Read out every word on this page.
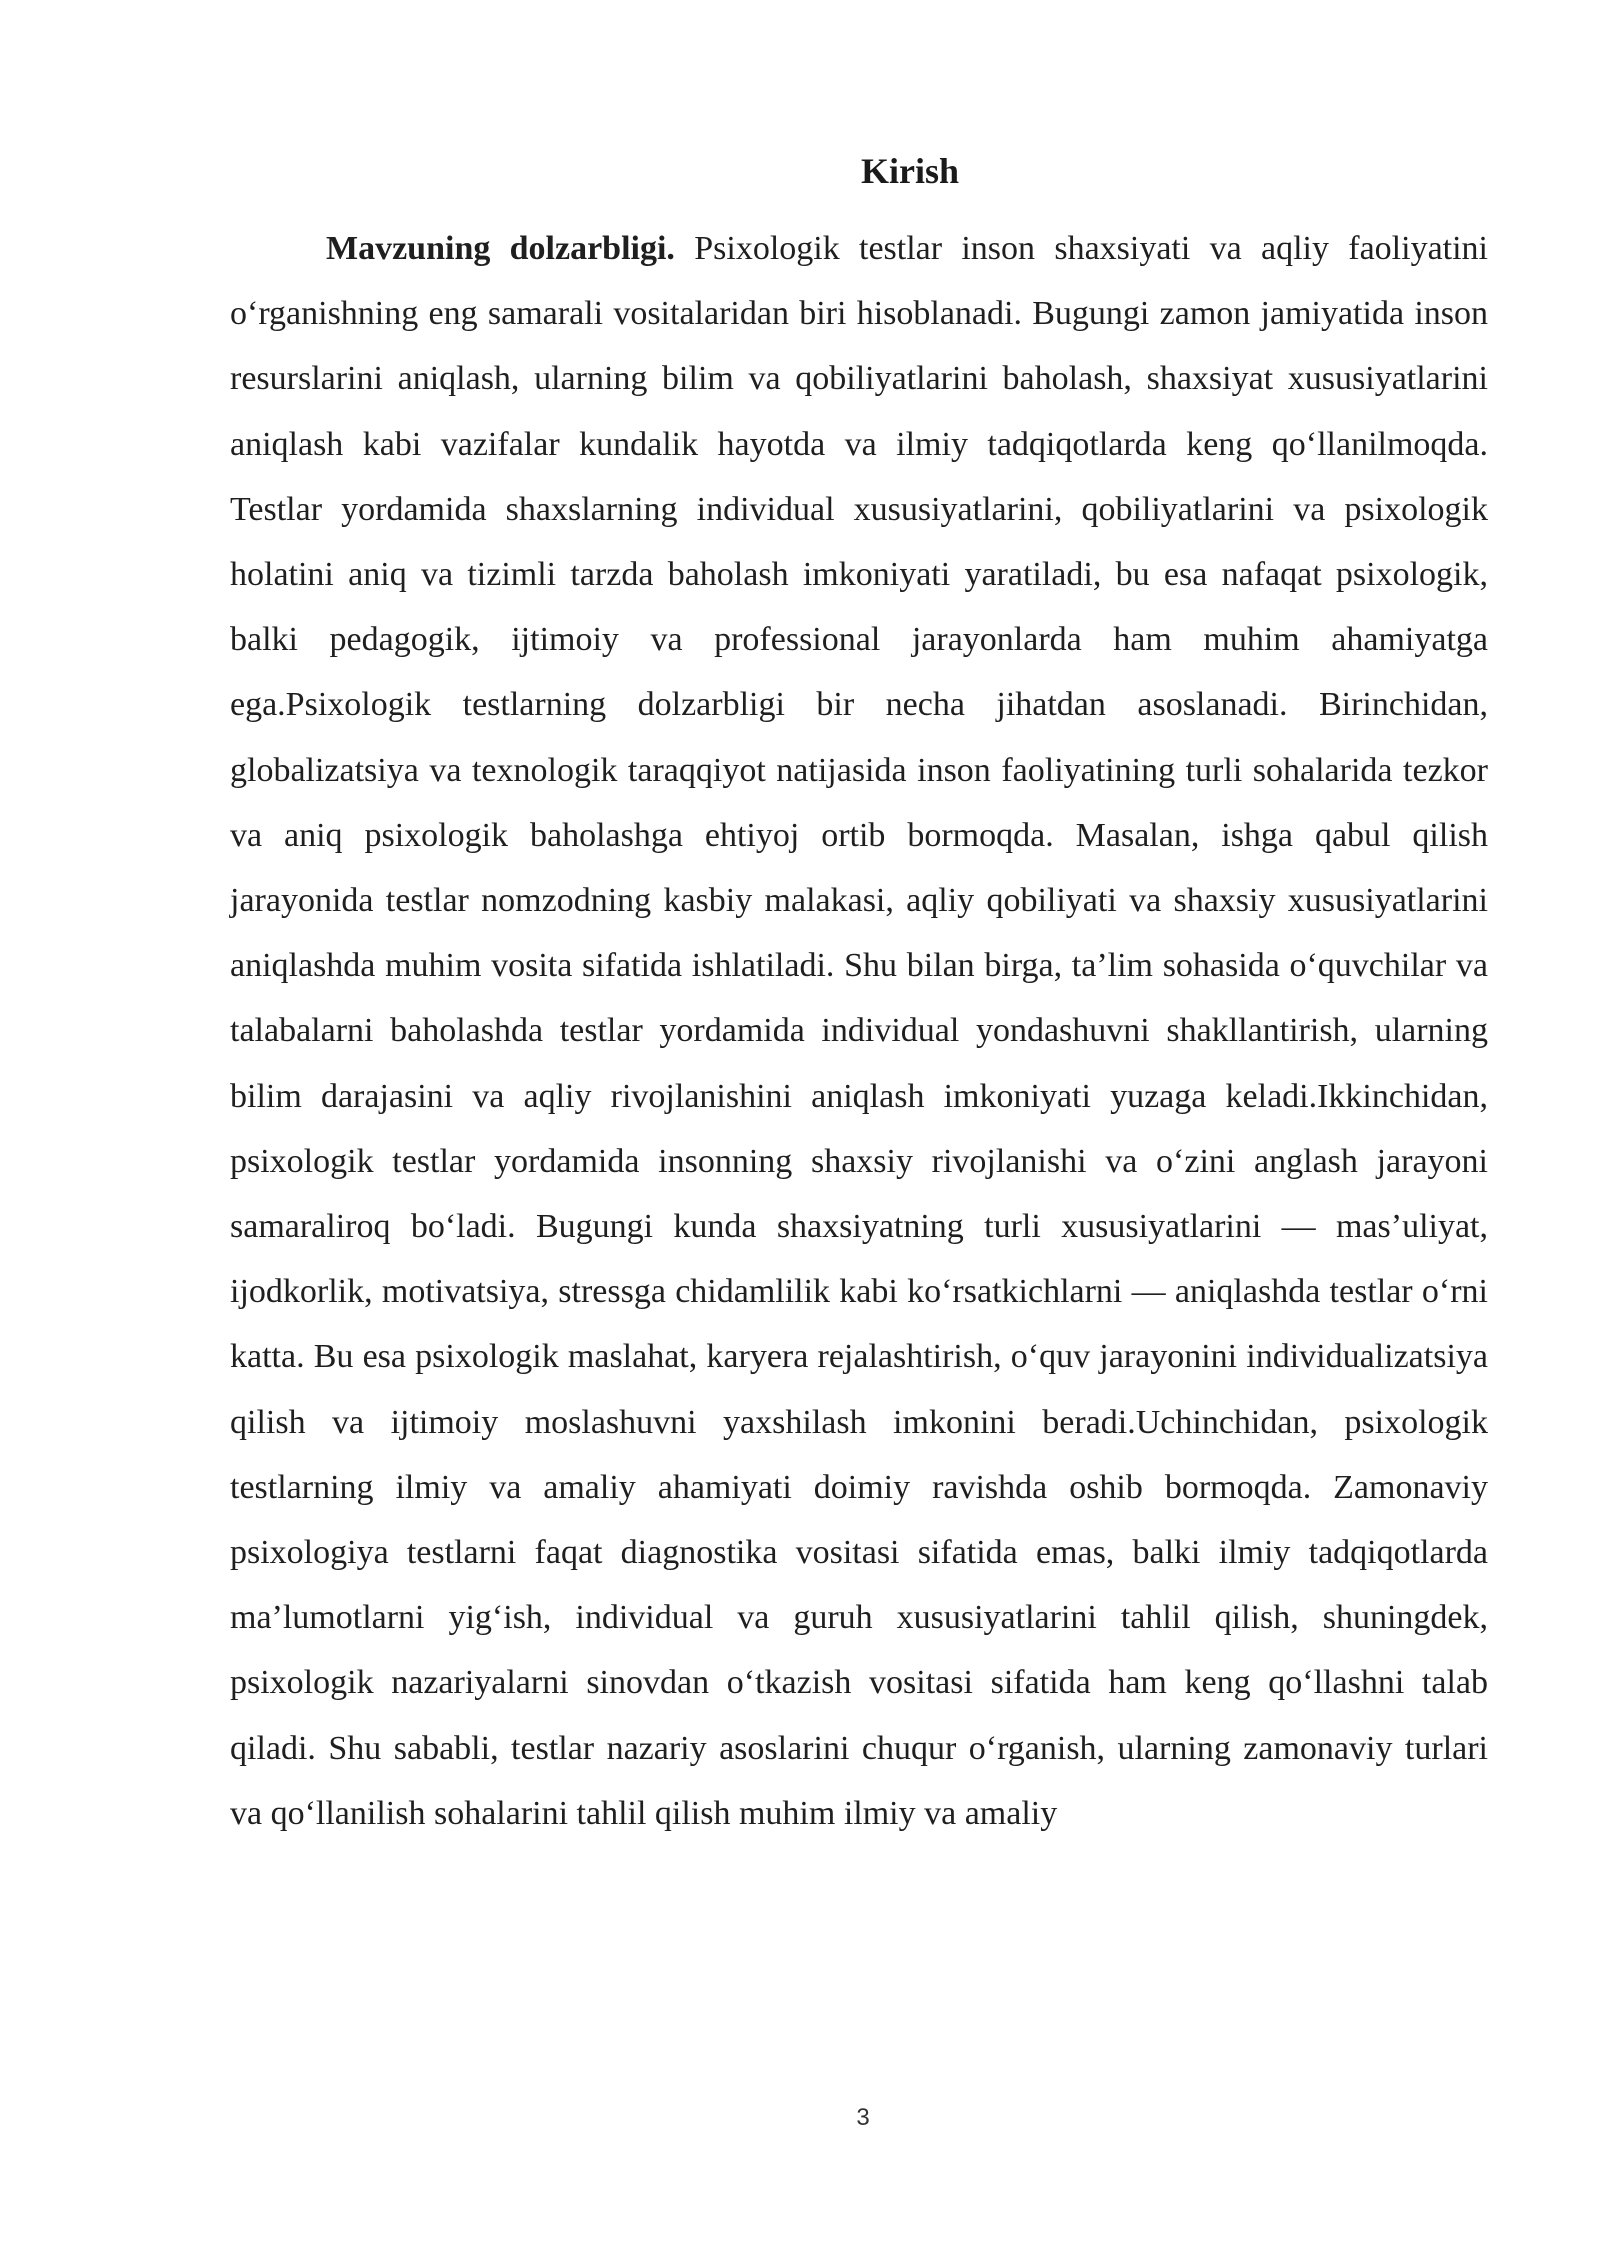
Kirish

Mavzuning dolzarbligi. Psixologik testlar inson shaxsiyati va aqliy faoliyatini o‘rganishning eng samarali vositalaridan biri hisoblanadi. Bugungi zamon jamiyatida inson resurslarini aniqlash, ularning bilim va qobiliyatlarini baholash, shaxsiyat xususiyatlarini aniqlash kabi vazifalar kundalik hayotda va ilmiy tadqiqotlarda keng qo‘llanilmoqda. Testlar yordamida shaxslarning individual xususiyatlarini, qobiliyatlarini va psixologik holatini aniq va tizimli tarzda baholash imkoniyati yaratiladi, bu esa nafaqat psixologik, balki pedagogik, ijtimoiy va professional jarayonlarda ham muhim ahamiyatga ega.Psixologik testlarning dolzarbligi bir necha jihatdan asoslanadi. Birinchidan, globalizatsiya va texnologik taraqqiyot natijasida inson faoliyatining turli sohalarida tezkor va aniq psixologik baholashga ehtiyoj ortib bormoqda. Masalan, ishga qabul qilish jarayonida testlar nomzodning kasbiy malakasi, aqliy qobiliyati va shaxsiy xususiyatlarini aniqlashda muhim vosita sifatida ishlatiladi. Shu bilan birga, ta’lim sohasida o‘quvchilar va talabalarni baholashda testlar yordamida individual yondashuvni shakllantirish, ularning bilim darajasini va aqliy rivojlanishini aniqlash imkoniyati yuzaga keladi.Ikkinchidan, psixologik testlar yordamida insonning shaxsiy rivojlanishi va o‘zini anglash jarayoni samaraliroq bo‘ladi. Bugungi kunda shaxsiyatning turli xususiyatlarini — mas’uliyat, ijodkorlik, motivatsiya, stressga chidamlilik kabi ko‘rsatkichlarni — aniqlashda testlar o‘rni katta. Bu esa psixologik maslahat, karyera rejalashtirish, o‘quv jarayonini individualizatsiya qilish va ijtimoiy moslashuvni yaxshilash imkonini beradi.Uchinchidan, psixologik testlarning ilmiy va amaliy ahamiyati doimiy ravishda oshib bormoqda. Zamonaviy psixologiya testlarni faqat diagnostika vositasi sifatida emas, balki ilmiy tadqiqotlarda ma’lumotlarni yig‘ish, individual va guruh xususiyatlarini tahlil qilish, shuningdek, psixologik nazariyalarni sinovdan o‘tkazish vositasi sifatida ham keng qo‘llashni talab qiladi. Shu sababli, testlar nazariy asoslarini chuqur o‘rganish, ularning zamonaviy turlari va qo‘llanilish sohalarini tahlil qilish muhim ilmiy va amaliy

3
